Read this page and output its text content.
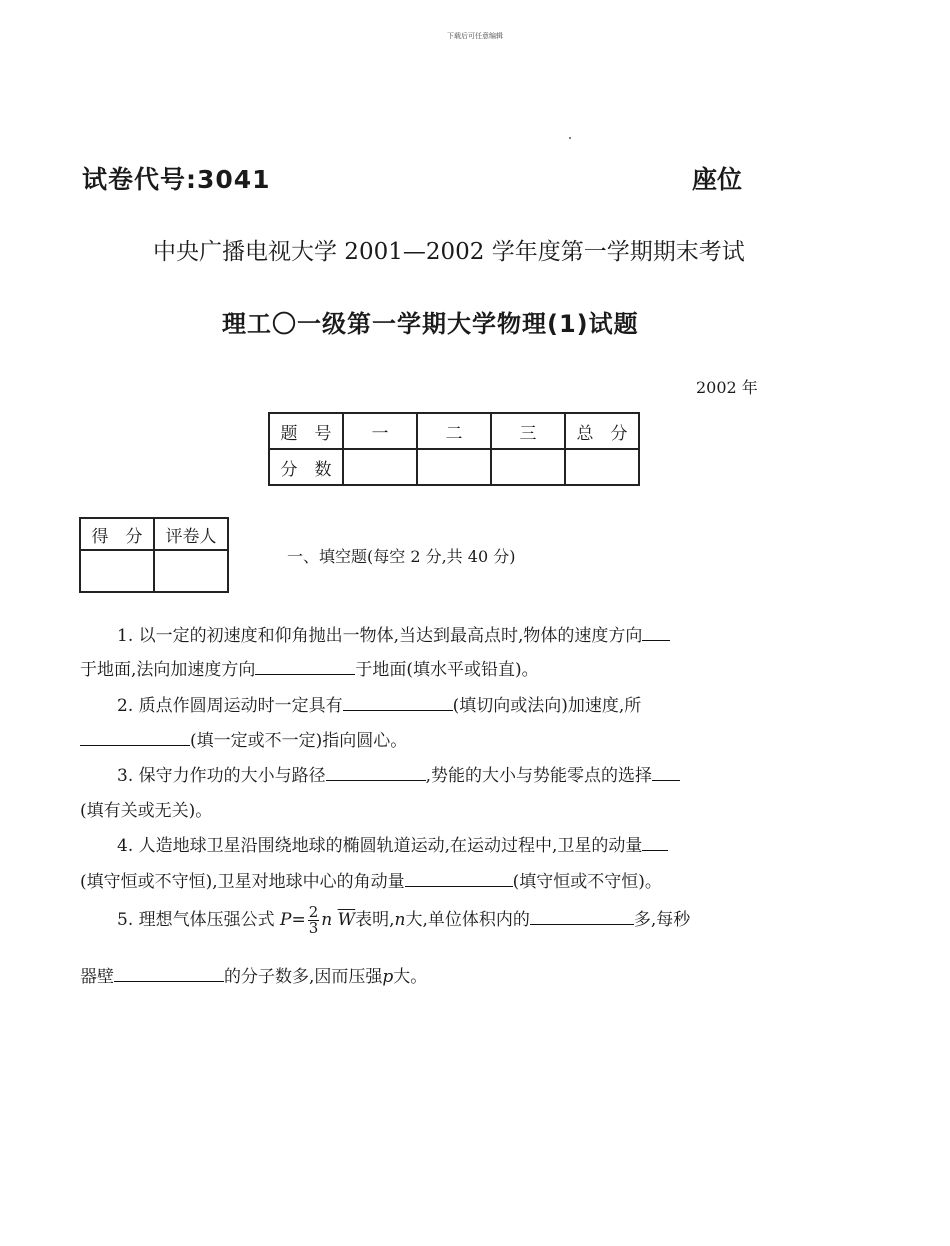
下载后可任意编辑
试卷代号:3041	座位
中央广播电视大学 2001—2002 学年度第一学期期末考试
理工〇一级第一学期大学物理(1)试题
2002 年
题　号	一	二	三	总　分
分　数				
得　分	评卷人

一、填空题(每空 2 分,共 40 分)
1. 以一定的初速度和仰角抛出一物体,当达到最高点时,物体的速度方向
于地面,法向加速度方向	于地面(填水平或铅直)。
2. 质点作圆周运动时一定具有	(填切向或法向)加速度,所
(填一定或不一定)指向圆心。
3. 保守力作功的大小与路径	,势能的大小与势能零点的选择
(填有关或无关)。
4. 人造地球卫星沿围绕地球的椭圆轨道运动,在运动过程中,卫星的动量
(填守恒或不守恒),卫星对地球中心的角动量	(填守恒或不守恒)。
5. 理想气体压强公式 $P= \frac{2}{3}$ n $\overline{W}$表明,n大,单位体积内的	多,每秒
器壁	的分子数多,因而压强p大。
